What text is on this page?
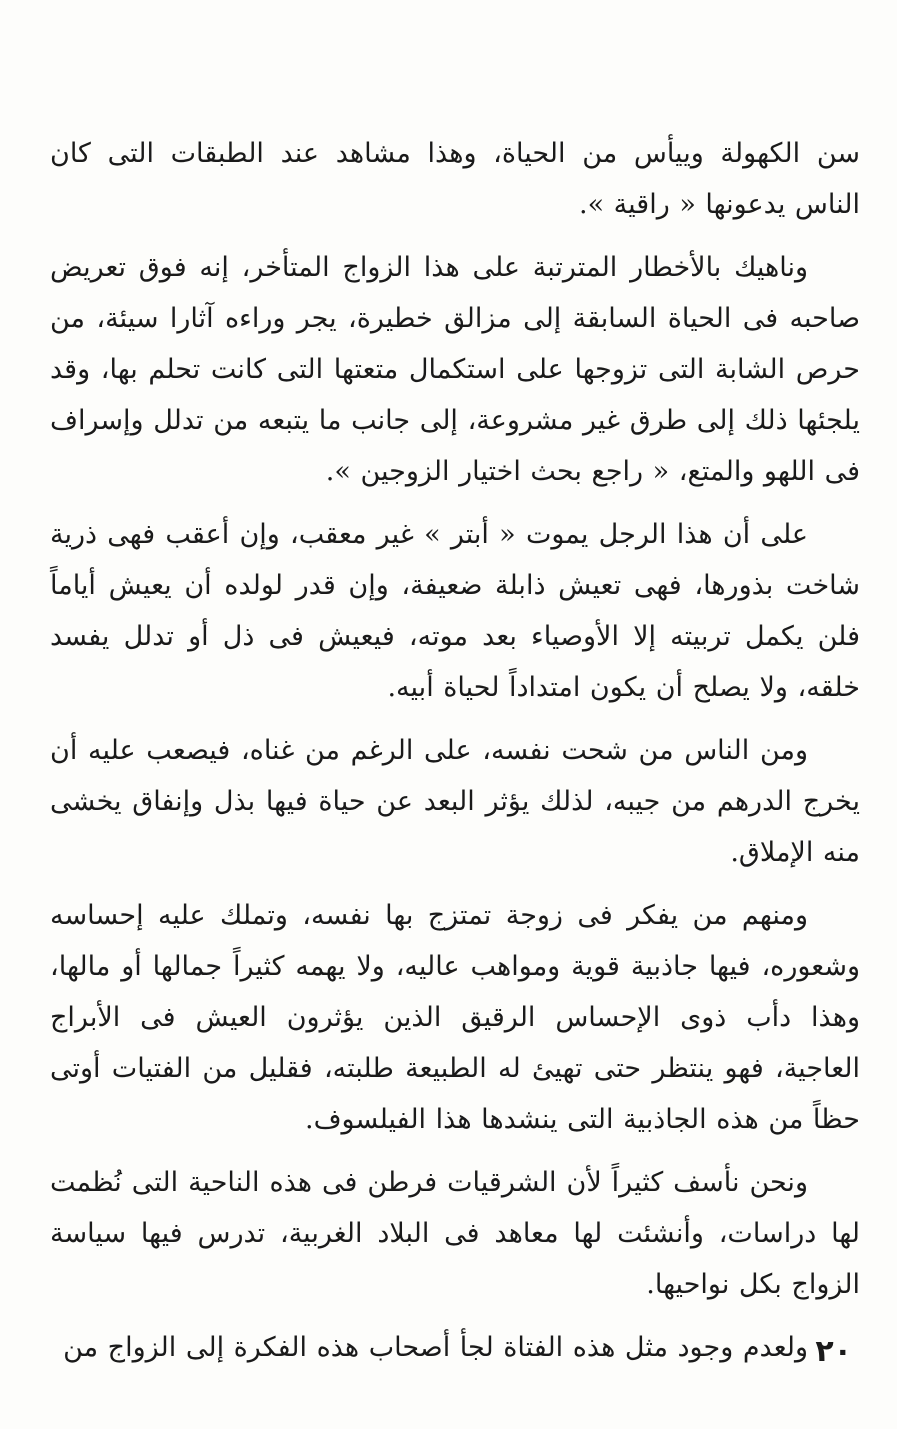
سن الكهولة وييأس من الحياة، وهذا مشاهد عند الطبقات التى كان الناس يدعونها « راقية ».

وناهيك بالأخطار المترتبة على هذا الزواج المتأخر، إنه فوق تعريض صاحبه فى الحياة السابقة إلى مزالق خطيرة، يجر وراءه آثارا سيئة، من حرص الشابة التى تزوجها على استكمال متعتها التى كانت تحلم بها، وقد يلجئها ذلك إلى طرق غير مشروعة، إلى جانب ما يتبعه من تدلل وإسراف فى اللهو والمتع، « راجع بحث اختيار الزوجين ».

على أن هذا الرجل يموت « أبتر » غير معقب، وإن أعقب فهى ذرية شاخت بذورها، فهى تعيش ذابلة ضعيفة، وإن قدر لولده أن يعيش أياماً فلن يكمل تربيته إلا الأوصياء بعد موته، فيعيش فى ذل أو تدلل يفسد خلقه، ولا يصلح أن يكون امتداداً لحياة أبيه.

ومن الناس من شحت نفسه، على الرغم من غناه، فيصعب عليه أن يخرج الدرهم من جيبه، لذلك يؤثر البعد عن حياة فيها بذل وإنفاق يخشى منه الإملاق.

ومنهم من يفكر فى زوجة تمتزج بها نفسه، وتملك عليه إحساسه وشعوره، فيها جاذبية قوية ومواهب عاليه، ولا يهمه كثيراً جمالها أو مالها، وهذا دأب ذوى الإحساس الرقيق الذين يؤثرون العيش فى الأبراج العاجية، فهو ينتظر حتى تهيئ له الطبيعة طلبته، فقليل من الفتيات أوتى حظاً من هذه الجاذبية التى ينشدها هذا الفيلسوف.

ونحن نأسف كثيراً لأن الشرقيات فرطن فى هذه الناحية التى نُظمت لها دراسات، وأنشئت لها معاهد فى البلاد الغربية، تدرس فيها سياسة الزواج بكل نواحيها.

ولعدم وجود مثل هذه الفتاة لجأ أصحاب هذه الفكرة إلى الزواج من ٢٠
